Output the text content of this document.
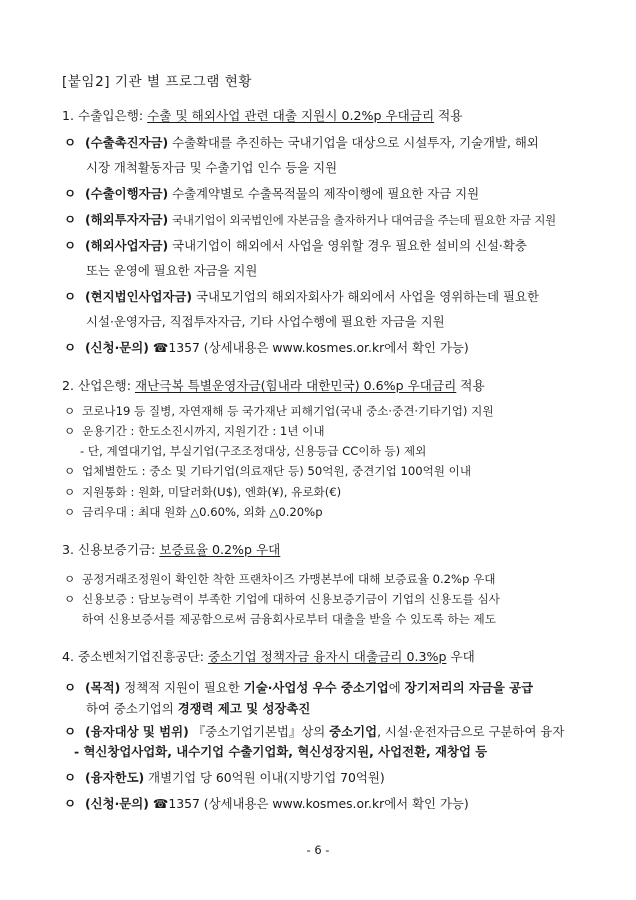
[붙임2] 기관 별 프로그램 현황
1. 수출입은행: 수출 및 해외사업 관련 대출 지원시 0.2%p 우대금리 적용
ㅇ (수출촉진자금) 수출확대를 추진하는 국내기업을 대상으로 시설투자, 기술개발, 해외
시장 개척활동자금 및 수출기업 인수 등을 지원
ㅇ (수출이행자금) 수출계약별로 수출목적물의 제작이행에 필요한 자금 지원
ㅇ (해외투자자금) 국내기업이 외국법인에 자본금을 출자하거나 대여금을 주는데 필요한 자금 지원
ㅇ (해외사업자금) 국내기업이 해외에서 사업을 영위할 경우 필요한 설비의 신설·확충
또는 운영에 필요한 자금을 지원
ㅇ (현지법인사업자금) 국내모기업의 해외자회사가 해외에서 사업을 영위하는데 필요한
시설·운영자금, 직접투자자금, 기타 사업수행에 필요한 자금을 지원
ㅇ (신청·문의) ☎1357 (상세내용은 www.kosmes.or.kr에서 확인 가능)
2. 산업은행: 재난극복 특별운영자금(힘내라 대한민국) 0.6%p 우대금리 적용
ㅇ 코로나19 등 질병, 자연재해 등 국가재난 피해기업(국내 중소·중견·기타기업) 지원
ㅇ 운용기간 : 한도소진시까지, 지원기간 : 1년 이내
- 단, 계열대기업, 부실기업(구조조정대상, 신용등급 CC이하 등) 제외
ㅇ 업체별한도 : 중소 및 기타기업(의료재단 등) 50억원, 중견기업 100억원 이내
ㅇ 지원통화 : 원화, 미달러화(U$), 엔화(¥), 유로화(€)
ㅇ 금리우대 : 최대 원화 △0.60%, 외화 △0.20%p
3. 신용보증기금: 보증료율 0.2%p 우대
ㅇ 공정거래조정원이 확인한 착한 프랜차이즈 가맹본부에 대해 보증료율 0.2%p 우대
ㅇ 신용보증 : 담보능력이 부족한 기업에 대하여 신용보증기금이 기업의 신용도를 심사
하여 신용보증서를 제공함으로써 금융회사로부터 대출을 받을 수 있도록 하는 제도
4. 중소벤처기업진흥공단: 중소기업 정책자금 융자시 대출금리 0.3%p 우대
ㅇ (목적) 정책적 지원이 필요한 기술·사업성 우수 중소기업에 장기저리의 자금을 공급
하여 중소기업의 경쟁력 제고 및 성장촉진
ㅇ (융자대상 및 범위) 『중소기업기본법』상의 중소기업, 시설·운전자금으로 구분하여 융자
- 혁신창업사업화, 내수기업 수출기업화, 혁신성장지원, 사업전환, 재창업 등
ㅇ (융자한도) 개별기업 당 60억원 이내(지방기업 70억원)
ㅇ (신청·문의) ☎1357 (상세내용은 www.kosmes.or.kr에서 확인 가능)
- 6 -
